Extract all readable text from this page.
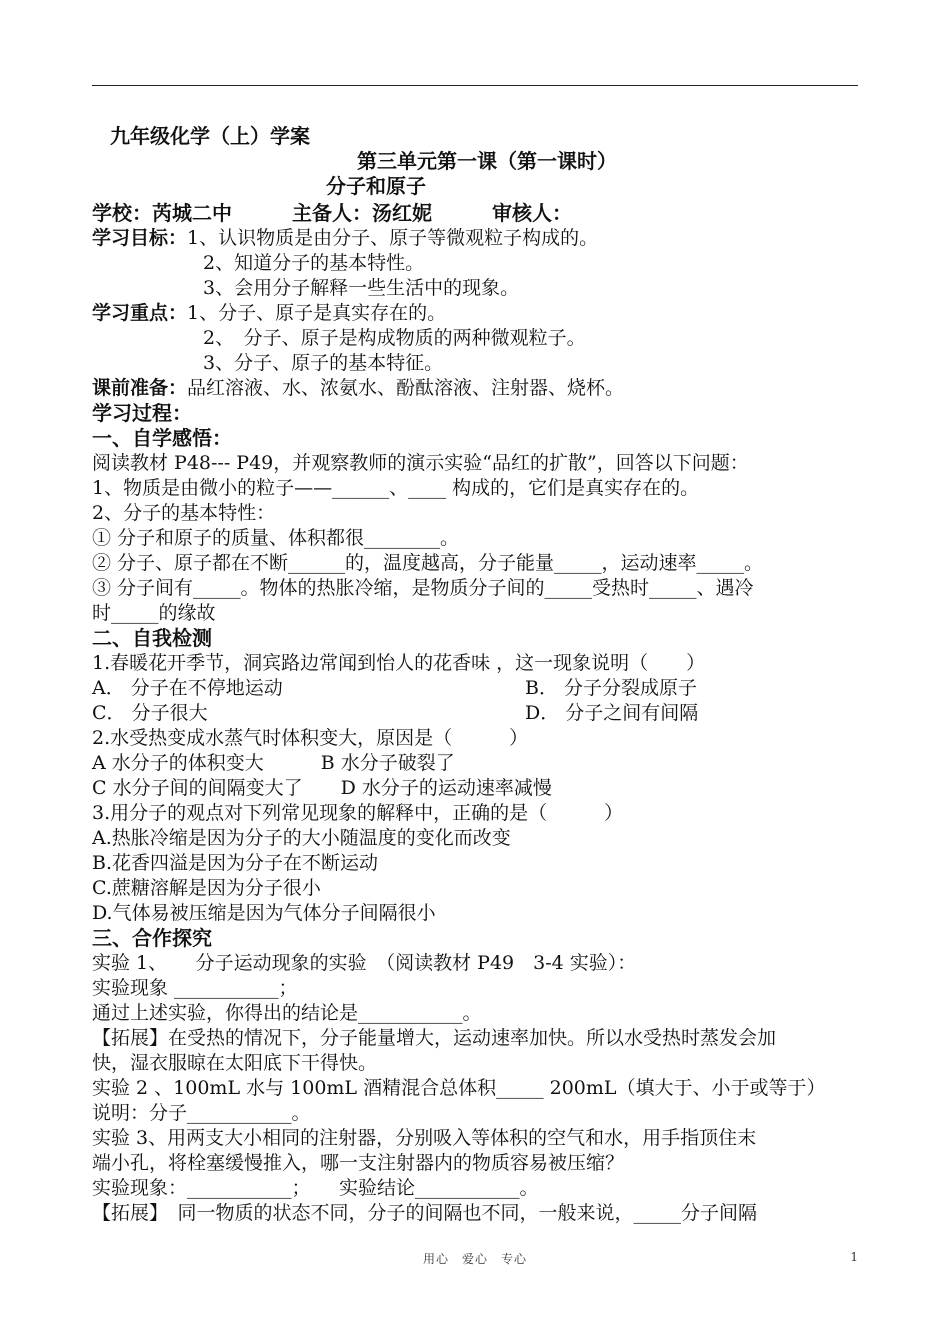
九年级化学（上）学案
第三单元第一课（第一课时）
分子和原子
学校：芮城二中　　　主备人：汤红妮　　　审核人：
学习目标：1、认识物质是由分子、原子等微观粒子构成的。
2、知道分子的基本特性。
3、会用分子解释一些生活中的现象。
学习重点：1、分子、原子是真实存在的。
2、　分子、原子是构成物质的两种微观粒子。
3、分子、原子的基本特征。
课前准备：品红溶液、水、浓氨水、酚酞溶液、注射器、烧杯。
学习过程：
一、自学感悟：
阅读教材 P48--- P49，并观察教师的演示实验“品红的扩散”，回答以下问题：
1、物质是由微小的粒子——______、____ 构成的，它们是真实存在的。
2、分子的基本特性：
① 分子和原子的质量、体积都很________。
② 分子、原子都在不断______的，温度越高，分子能量_____，运动速率_____。
③ 分子间有_____。物体的热胀冷缩，是物质分子间的_____受热时_____、遇冷
时_____的缘故
二、自我检测
1.春暖花开季节，洞宾路边常闻到怡人的花香味 ，这一现象说明（　　）
A． 分子在不停地运动	B． 分子分裂成原子
C． 分子很大	D． 分子之间有间隔
2.水受热变成水蒸气时体积变大，原因是（　　　）
A 水分子的体积变大　　　B 水分子破裂了
C 水分子间的间隔变大了　　D 水分子的运动速率减慢
3.用分子的观点对下列常见现象的解释中，正确的是（　　　）
A.热胀冷缩是因为分子的大小随温度的变化而改变
B.花香四溢是因为分子在不断运动
C.蔗糖溶解是因为分子很小
D.气体易被压缩是因为气体分子间隔很小
三、合作探究
实验 1、　　分子运动现象的实验　（阅读教材 P49　3-4 实验）：
实验现象 ___________；
通过上述实验，你得出的结论是___________。
【拓展】在受热的情况下，分子能量增大，运动速率加快。所以水受热时蒸发会加
快，湿衣服晾在太阳底下干得快。
实验 2 、100mL 水与 100mL 酒精混合总体积_____ 200mL（填大于、小于或等于）
说明：分子___________。
实验 3、用两支大小相同的注射器，分别吸入等体积的空气和水，用手指顶住末
端小孔，将栓塞缓慢推入，哪一支注射器内的物质容易被压缩？
实验现象：___________；　　实验结论___________。
【拓展】　同一物质的状态不同，分子的间隔也不同，一般来说，_____分子间隔
用心　爱心　专心	1
